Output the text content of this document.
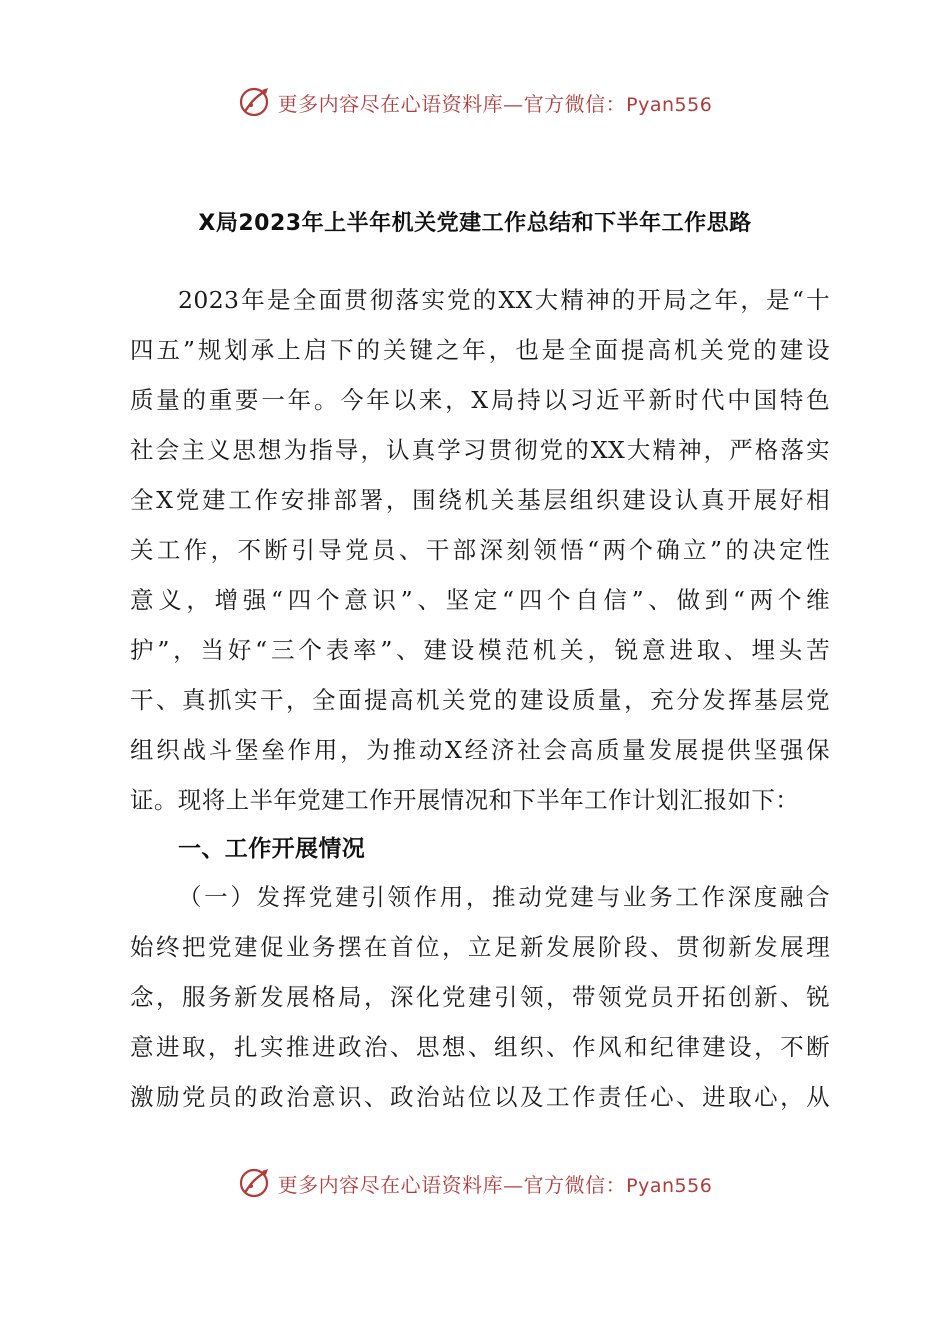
更多内容尽在心语资料库—官方微信：Pyan556
X局2023年上半年机关党建工作总结和下半年工作思路
2023年是全面贯彻落实党的XX大精神的开局之年，是“十
四五”规划承上启下的关键之年，也是全面提高机关党的建设
质量的重要一年。今年以来，X局持以习近平新时代中国特色
社会主义思想为指导，认真学习贯彻党的XX大精神，严格落实
全X党建工作安排部署，围绕机关基层组织建设认真开展好相
关工作，不断引导党员、干部深刻领悟“两个确立”的决定性
意义，增强“四个意识”、坚定“四个自信”、做到“两个维
护”，当好“三个表率”、建设模范机关，锐意进取、埋头苦
干、真抓实干，全面提高机关党的建设质量，充分发挥基层党
组织战斗堡垒作用，为推动X经济社会高质量发展提供坚强保
证。现将上半年党建工作开展情况和下半年工作计划汇报如下：
一、工作开展情况
（一）发挥党建引领作用，推动党建与业务工作深度融合
始终把党建促业务摆在首位，立足新发展阶段、贯彻新发展理
念，服务新发展格局，深化党建引领，带领党员开拓创新、锐
意进取，扎实推进政治、思想、组织、作风和纪律建设，不断
激励党员的政治意识、政治站位以及工作责任心、进取心，从
更多内容尽在心语资料库—官方微信：Pyan556
